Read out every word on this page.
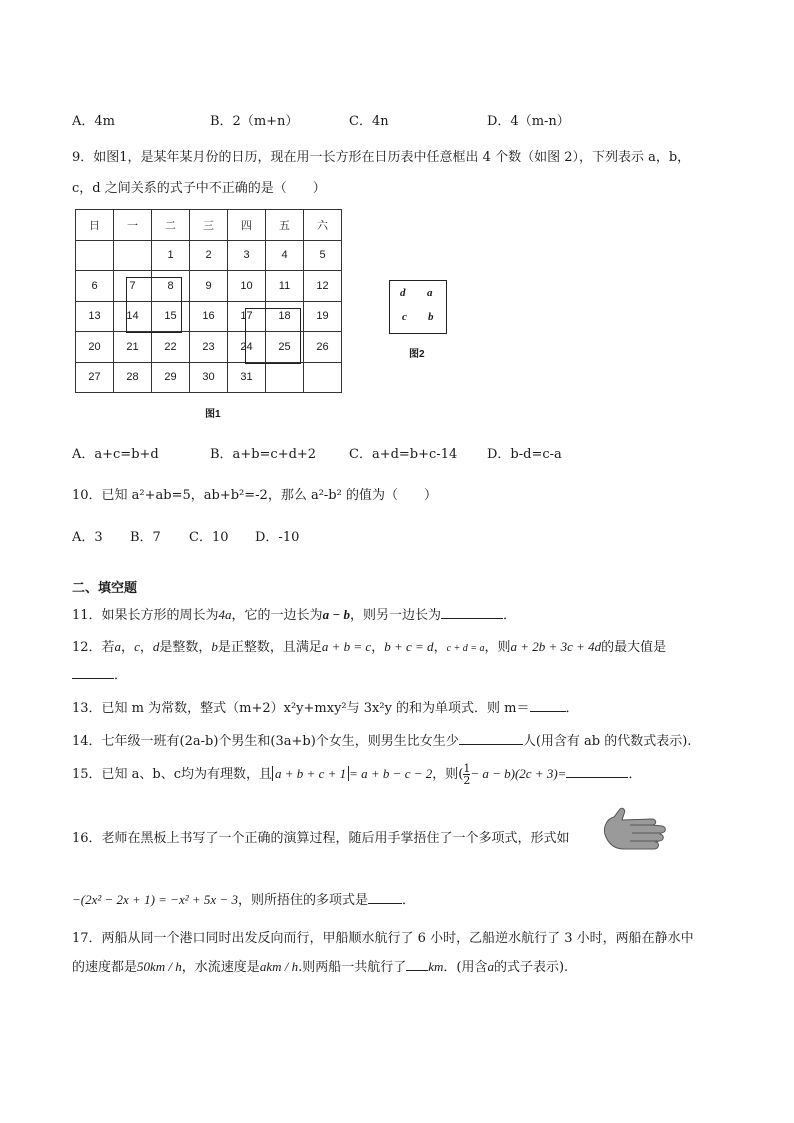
A．4m	B．2（m+n）	C．4n	D．4（m-n）
9．如图1，是某年某月份的日历，现在用一长方形在日历表中任意框出 4 个数（如图 2），下列表示 a，b，
c，d 之间关系的式子中不正确的是（　　）
日	一	二	三	四	五	六
		1	2	3	4	5
6	7	8	9	10	11	12
13	14	15	16	17	18	19
20	21	22	23	24	25	26
27	28	29	30	31		
图1
d a
c b
图2
A．a+c=b+d	B．a+b=c+d+2	C．a+d=b+c-14 D．b-d=c-a
10．已知 a²+ab=5，ab+b²=-2，那么 a²-b² 的值为（　　）
A．3 B．7 C．10 D．-10
二、填空题
11．如果长方形的周长为4a，它的一边长为a − b，则另一边长为	．
12．若a，c，d是整数，b是正整数，且满足a + b = c，b + c = d，c + d = a，则a + 2b + 3c + 4d的最大值是
．
13．已知 m 为常数，整式（m+2）x²y+mxy²与 3x²y 的和为单项式．则 m＝	．
14．七年级一班有(2a-b)个男生和(3a+b)个女生，则男生比女生少	人(用含有 ab 的代数式表示).
15．已知 a、b、c均为有理数，且 a + b + c + 1 = a + b − c − 2，则( $\frac{1}{2} - a - b)(2c + 3)=$	．
16．老师在黑板上书写了一个正确的演算过程，随后用手掌捂住了一个多项式，形式如
−(2x² − 2x + 1) = −x² + 5x − 3，则所捂住的多项式是	．
17．两船从同一个港口同时出发反向而行，甲船顺水航行了 6 小时，乙船逆水航行了 3 小时，两船在静水中
的速度都是50km / h，水流速度是akm / h.则两船一共航行了 km．(用含a的式子表示).
